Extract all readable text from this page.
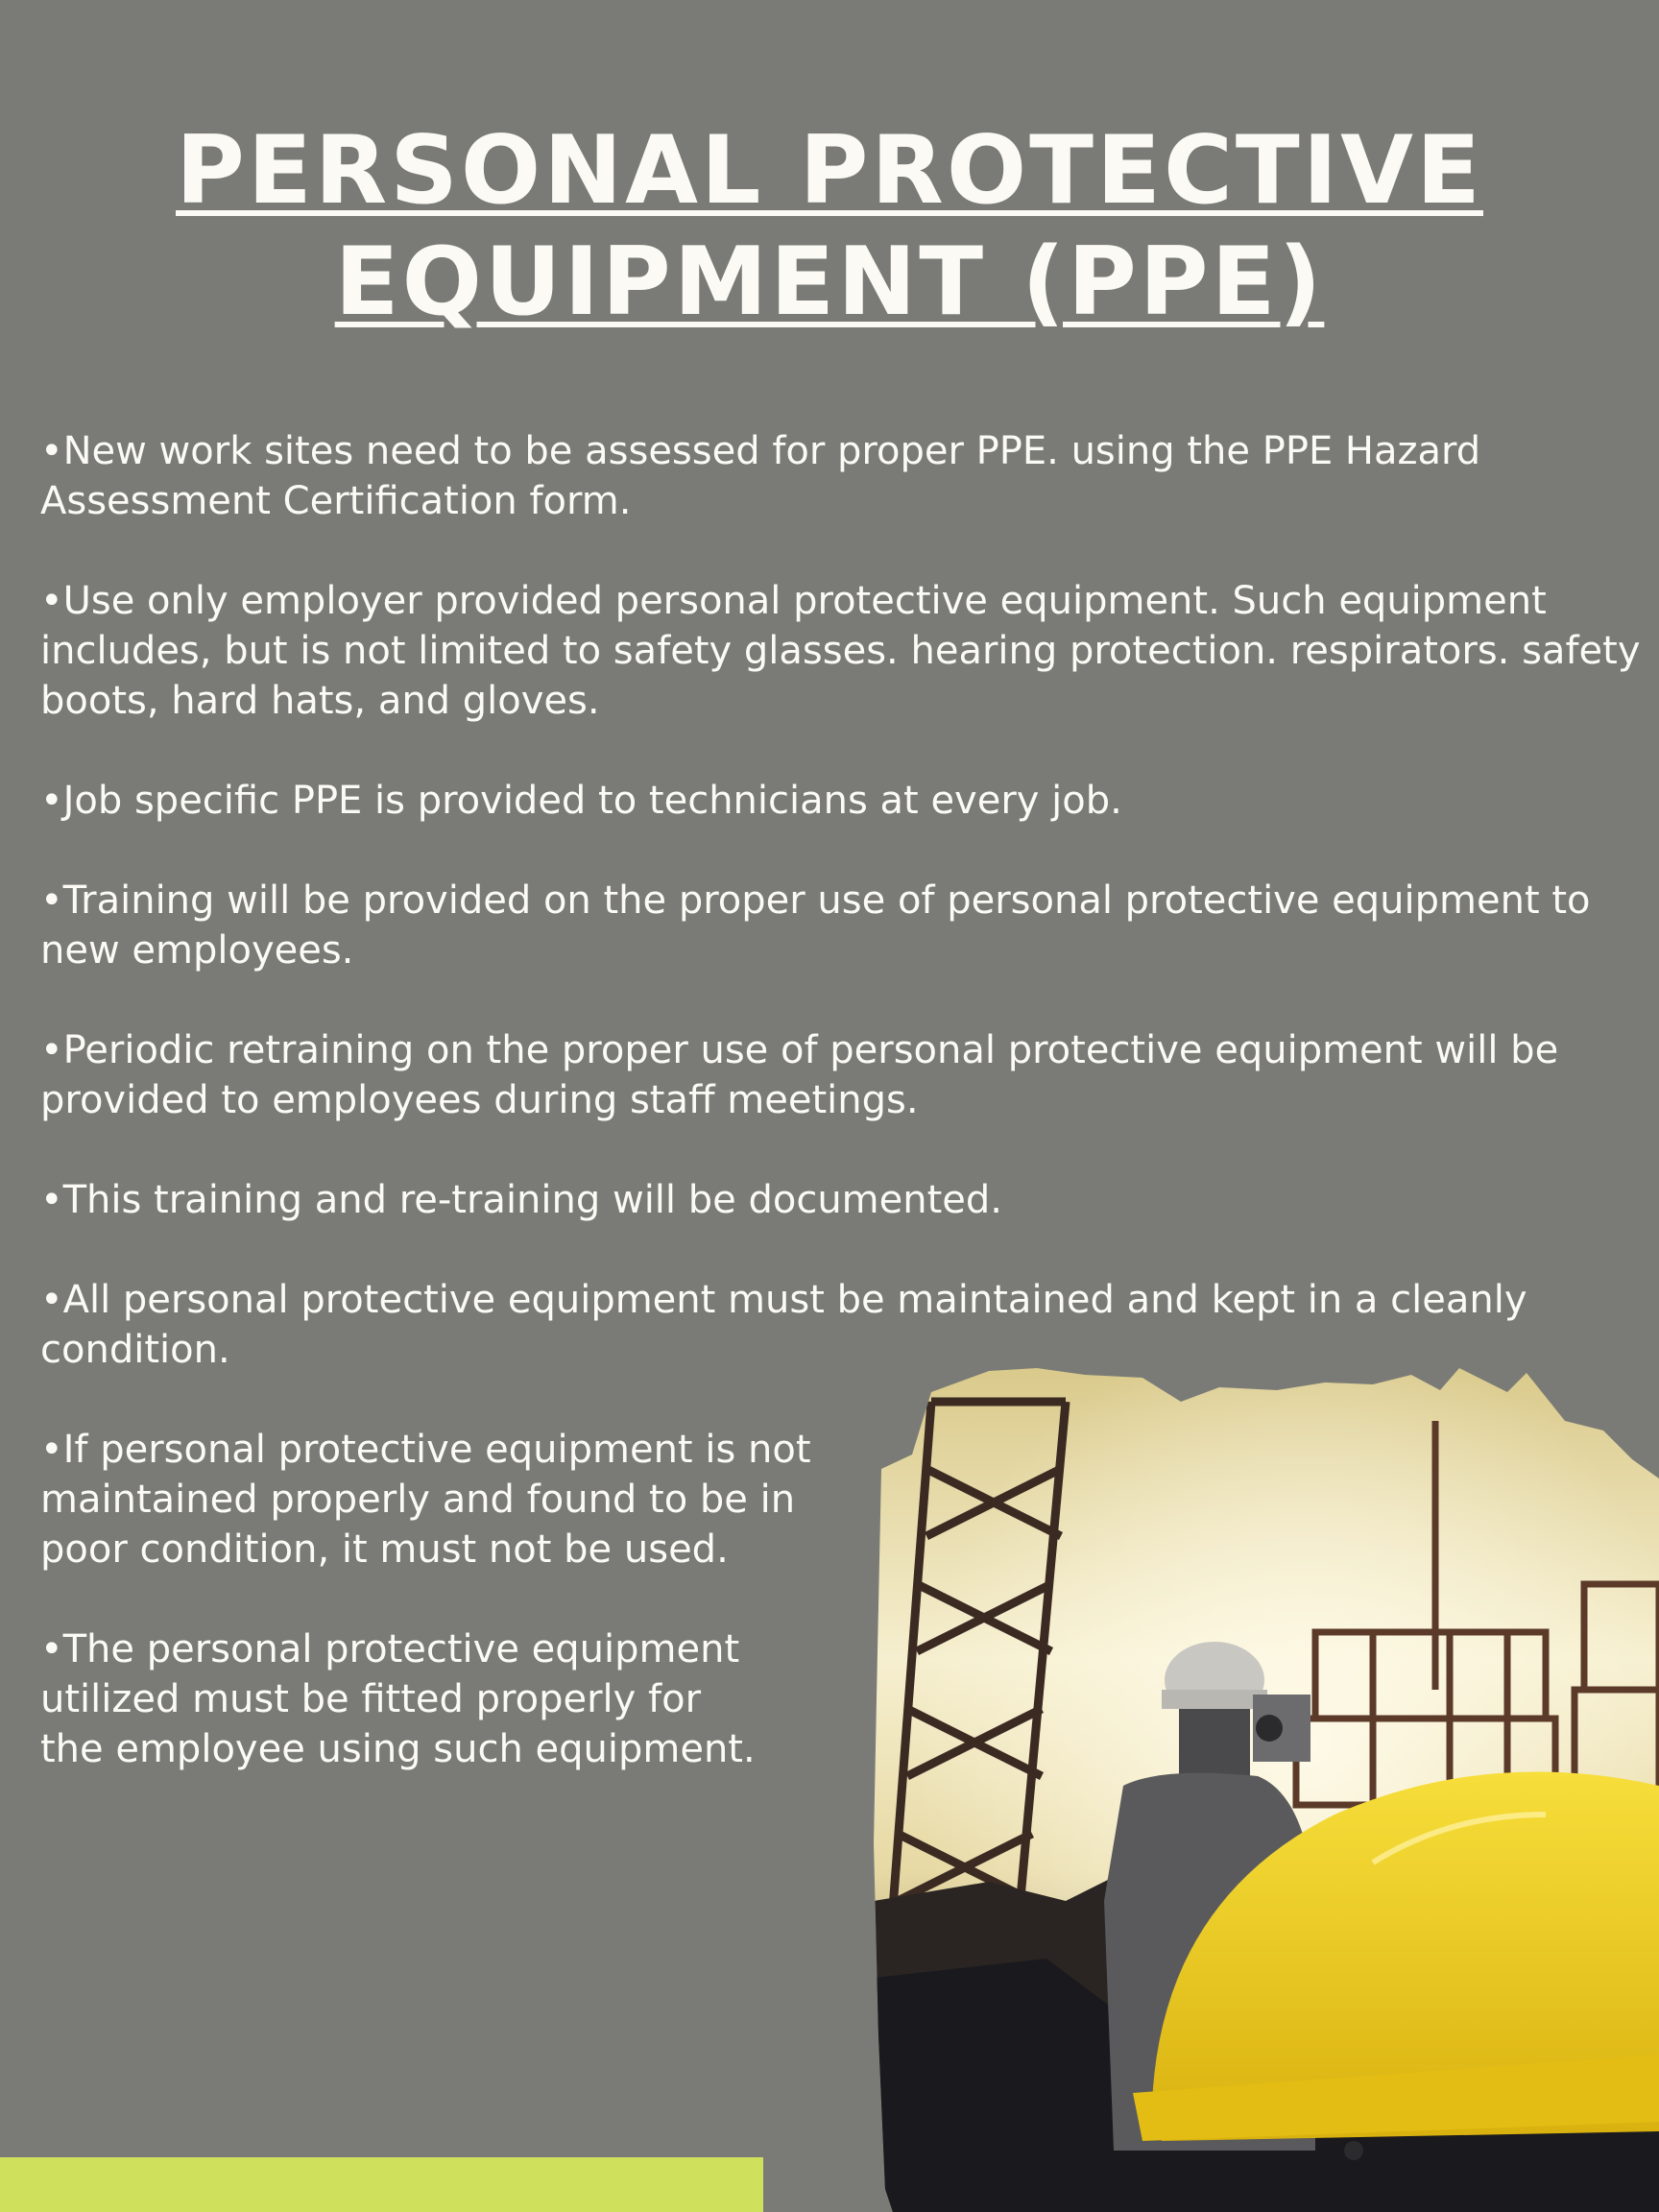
PERSONAL PROTECTIVE
EQUIPMENT (PPE)

•New work sites need to be assessed for proper PPE. using the PPE Hazard
Assessment Certification form.

•Use only employer provided personal protective equipment. Such equipment
includes, but is not limited to safety glasses. hearing protection. respirators. safety
boots, hard hats, and gloves.

•Job specific PPE is provided to technicians at every job.

•Training will be provided on the proper use of personal protective equipment to
new employees.

•Periodic retraining on the proper use of personal protective equipment will be
provided to employees during staff meetings.

•This training and re-training will be documented.

•All personal protective equipment must be maintained and kept in a cleanly
condition.

•If personal protective equipment is not
maintained properly and found to be in
poor condition, it must not be used.

•The personal protective equipment
utilized must be fitted properly for
the employee using such equipment.
